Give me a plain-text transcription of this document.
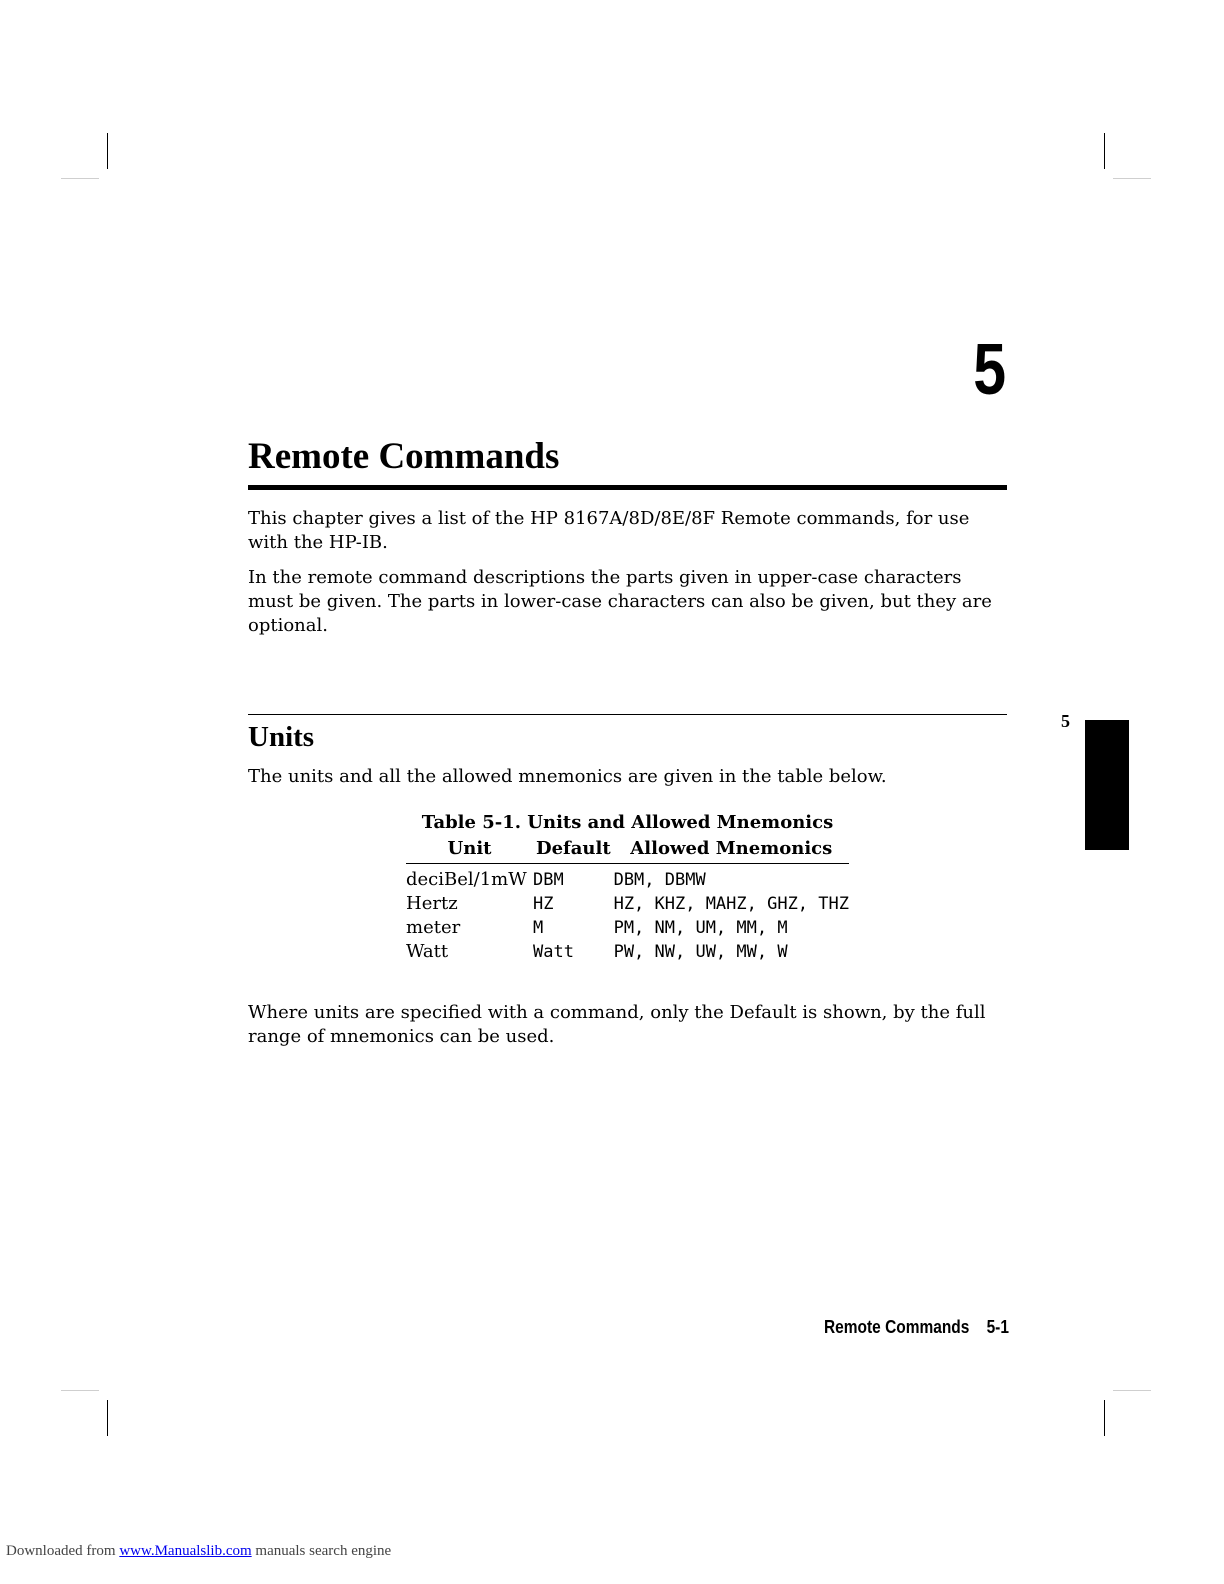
5
Remote Commands

This chapter gives a list of the HP 8167A/8D/8E/8F Remote commands, for use with the HP-IB.

In the remote command descriptions the parts given in upper-case characters must be given. The parts in lower-case characters can also be given, but they are optional.

Units	5

The units and all the allowed mnemonics are given in the table below.

Table 5-1. Units and Allowed Mnemonics
Unit	Default	Allowed Mnemonics
deciBel/1mW	DBM	DBM, DBMW
Hertz	HZ	HZ, KHZ, MAHZ, GHZ, THZ
meter	M	PM, NM, UM, MM, M
Watt	Watt	PW, NW, UW, MW, W

Where units are specified with a command, only the Default is shown, by the full range of mnemonics can be used.

Remote Commands 5-1
Downloaded from www.Manualslib.com manuals search engine
